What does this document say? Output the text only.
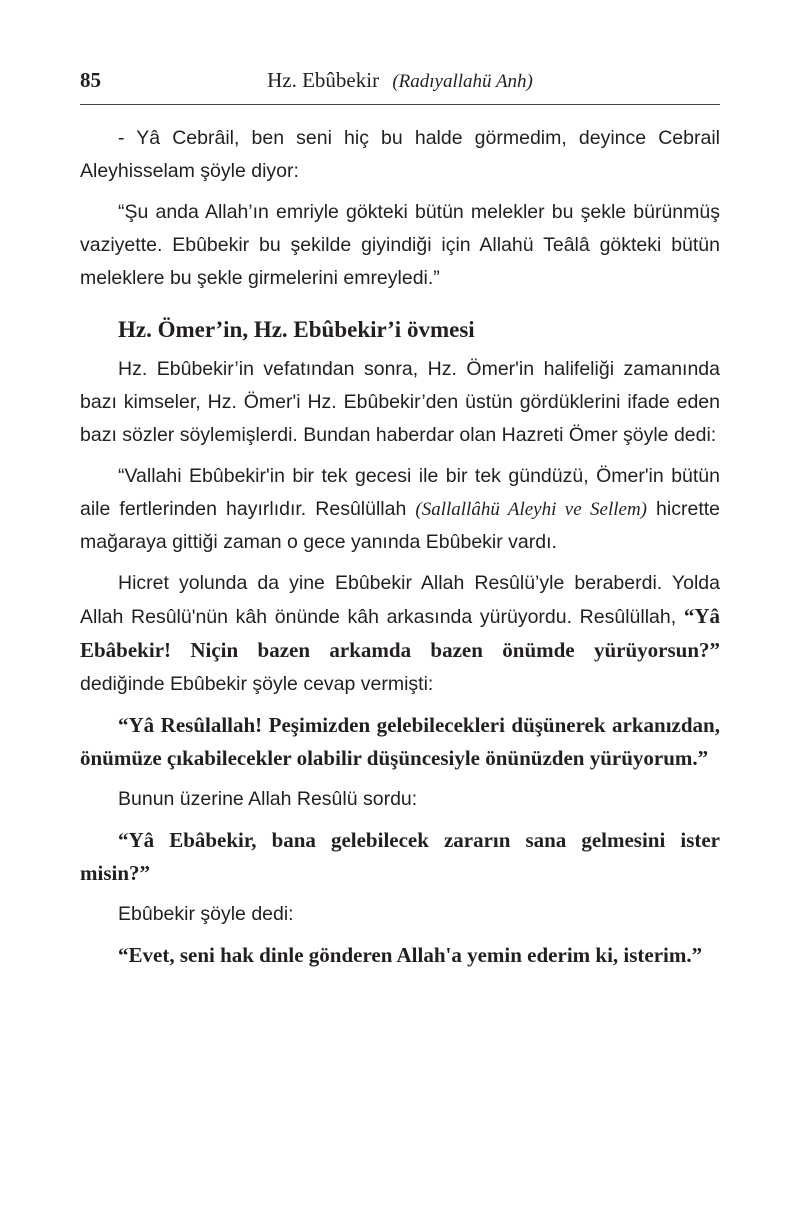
85	Hz. Ebûbekir (Radıyallahü Anh)

- Yâ Cebrâil, ben seni hiç bu halde görmedim, deyince Cebrail Aleyhisselam şöyle diyor:

“Şu anda Allah’ın emriyle gökteki bütün melekler bu şekle bürünmüş vaziyette. Ebûbekir bu şekilde giyindiği için Allahü Teâlâ gökteki bütün meleklere bu şekle girmelerini emreyledi.”

Hz. Ömer’in, Hz. Ebûbekir’i övmesi

Hz. Ebûbekir’in vefatından sonra, Hz. Ömer'in halifeliği zamanında bazı kimseler, Hz. Ömer'i Hz. Ebûbekir’den üstün gördüklerini ifade eden bazı sözler söylemişlerdi. Bundan haberdar olan Hazreti Ömer şöyle dedi:

“Vallahi Ebûbekir'in bir tek gecesi ile bir tek gündüzü, Ömer'in bütün aile fertlerinden hayırlıdır. Resûlüllah (Sallallâhü Aleyhi ve Sellem) hicrette mağaraya gittiği zaman o gece yanında Ebûbekir vardı.

Hicret yolunda da yine Ebûbekir Allah Resûlü’yle beraberdi. Yolda Allah Resûlü'nün kâh önünde kâh arkasında yürüyordu. Resûlüllah, “Yâ Ebâbekir! Niçin bazen arkamda bazen önümde yürüyorsun?” dediğinde Ebûbekir şöyle cevap vermişti:

“Yâ Resûlallah! Peşimizden gelebilecekleri düşünerek arkanızdan, önümüze çıkabilecekler olabilir düşüncesiyle önünüzden yürüyorum.”

Bunun üzerine Allah Resûlü sordu:

“Yâ Ebâbekir, bana gelebilecek zararın sana gelmesini ister misin?”

Ebûbekir şöyle dedi:

“Evet, seni hak dinle gönderen Allah'a yemin ederim ki, isterim.”
